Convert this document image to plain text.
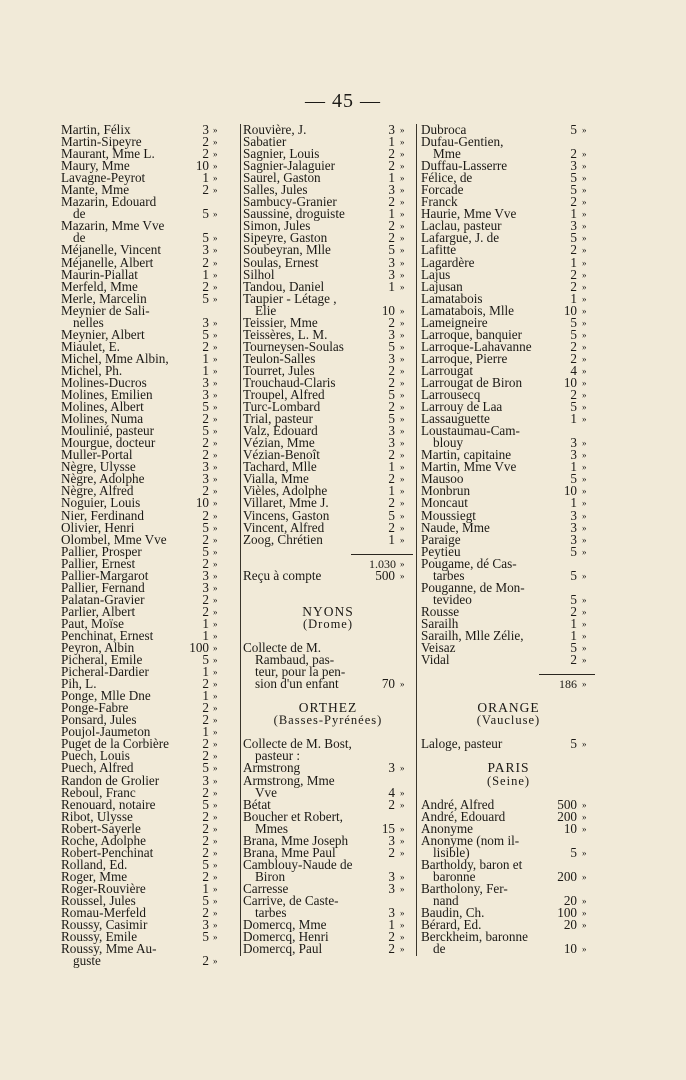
— 45 —
Martin, Félix	3 »
Martin-Sipeyre	2 »
Maurant, Mme L.	2 »
Maury, Mme	10 »
Lavagne-Peyrot	1 »
Mante, Mme	2 »
Mazarin, Edouard
de	5 »
Mazarin, Mme Vve
de	5 »
Méjanelle, Vincent	3 »
Méjanelle, Albert	2 »
Maurin-Piallat	1 »
Merfeld, Mme	2 »
Merle, Marcelin	5 »
Meynier de Sali-
nelles	3 »
Meynier, Albert	5 »
Miaulet, E.	2 »
Michel, Mme Albin,	1 »
Michel, Ph.	1 »
Molines-Ducros	3 »
Molines, Emilien	3 »
Molines, Albert	5 »
Molines, Numa	2 »
Moulinié, pasteur	5 »
Mourgue, docteur	2 »
Muller-Portal	2 »
Nègre, Ulysse	3 »
Nègre, Adolphe	3 »
Nègre, Alfred	2 »
Noguier, Louis	10 »
Nier, Ferdinand	2 »
Olivier, Henri	5 »
Olombel, Mme Vve	2 »
Pallier, Prosper	5 »
Pallier, Ernest	2 »
Pallier-Margarot	3 »
Pallier, Fernand	3 »
Palatan-Gravier	2 »
Parlier, Albert	2 »
Paut, Moïse	1 »
Penchinat, Ernest	1 »
Peyron, Albin	100 »
Picheral, Emile	5 »
Picheral-Dardier	1 »
Pih, L.	2 »
Ponge, Mlle Dne	1 »
Ponge-Fabre	2 »
Ponsard, Jules	2 »
Poujol-Jaumeton	1 »
Puget de la Corbière	2 »
Puech, Louis	2 »
Puech, Alfred	5 »
Randon de Grolier	3 »
Reboul, Franc	2 »
Renouard, notaire	5 »
Ribot, Ulysse	2 »
Robert-Sayerle	2 »
Roche, Adolphe	2 »
Robert-Penchinat	2 »
Rolland, Ed.	5 »
Roger, Mme	2 »
Roger-Rouvière	1 »
Roussel, Jules	5 »
Romau-Merfeld	2 »
Roussy, Casimir	3 »
Roussy, Emile	5 »
Roussy, Mme Au-
guste	2 »
Rouvière, J.	3 »
Sabatier	1 »
Sagnier, Louis	2 »
Sagnier-Jalaguier	2 »
Saurel, Gaston	1 »
Salles, Jules	3 »
Sambucy-Granier	2 »
Saussine, droguiste	1 »
Simon, Jules	2 »
Sipeyre, Gaston	2 »
Soubeyran, Mlle	5 »
Soulas, Ernest	3 »
Silhol	3 »
Tandou, Daniel	1 »
Taupier - Létage ,
Elie	10 »
Teissier, Mme	2 »
Teissères, L. M.	3 »
Tourneysen-Soulas	5 »
Teulon-Salles	3 »
Tourret, Jules	2 »
Trouchaud-Claris	2 »
Troupel, Alfred	5 »
Turc-Lombard	2 »
Trial, pasteur	5 »
Valz, Edouard	3 »
Vézian, Mme	3 »
Vézian-Benoît	2 »
Tachard, Mlle	1 »
Vialla, Mme	2 »
Vièles, Adolphe	1 »
Villaret, Mme J.	2 »
Vincens, Gaston	5 »
Vincent, Alfred	2 »
Zoog, Chrétien	1 »
1.030 »
Reçu à compte	500 »
NYONS
(Drome)
Collecte de M.
Rambaud, pas-
teur, pour la pen-
sion d'un enfant	70 »
ORTHEZ
(Basses-Pyrénées)
Collecte de M. Bost,
pasteur :
Armstrong	3 »
Armstrong, Mme
Vve	4 »
Bétat	2 »
Boucher et Robert,
Mmes	15 »
Brana, Mme Joseph	3 »
Brana, Mme Paul	2 »
Camblouy-Naude de
Biron	3 »
Carresse	3 »
Carrive, de Caste-
tarbes	3 »
Domercq, Mme	1 »
Domercq, Henri	2 »
Domercq, Paul	2 »
Dubroca	5 »
Dufau-Gentien,
Mme	2 »
Duffau-Lasserre	3 »
Félice, de	5 »
Forcade	5 »
Franck	2 »
Haurie, Mme Vve	1 »
Laclau, pasteur	3 »
Lafargue, J. de	5 »
Lafitte	2 »
Lagardère	1 »
Lajus	2 »
Lajusan	2 »
Lamatabois	1 »
Lamatabois, Mlle	10 »
Lameigneire	5 »
Larroque, banquier	5 »
Larroque-Lahavanne	2 »
Larroque, Pierre	2 »
Larrougat	4 »
Larrougat de Biron	10 »
Larrousecq	2 »
Larrouy de Laa	5 »
Lassauguette	1 »
Loustaumau-Cam-
blouy	3 »
Martin, capitaine	3 »
Martin, Mme Vve	1 »
Mausoo	5 »
Monbrun	10 »
Moncaut	1 »
Moussiegt	3 »
Naude, Mme	3 »
Paraige	3 »
Peytieu	5 »
Pougame, dé Cas-
tarbes	5 »
Pouganne, de Mon-
tevideo	5 »
Rousse	2 »
Sarailh	1 »
Sarailh, Mlle Zélie,	1 »
Veisaz	5 »
Vidal	2 »
186 »
ORANGE
(Vaucluse)
Laloge, pasteur	5 »
PARIS
(Seine)
André, Alfred	500 »
André, Edouard	200 »
Anonyme	10 »
Anonyme (nom il-
lisible)	5 »
Bartholdy, baron et
baronne	200 »
Bartholony, Fer-
nand	20 »
Baudin, Ch.	100 »
Bérard, Ed.	20 »
Berckheim, baronne
de	10 »
